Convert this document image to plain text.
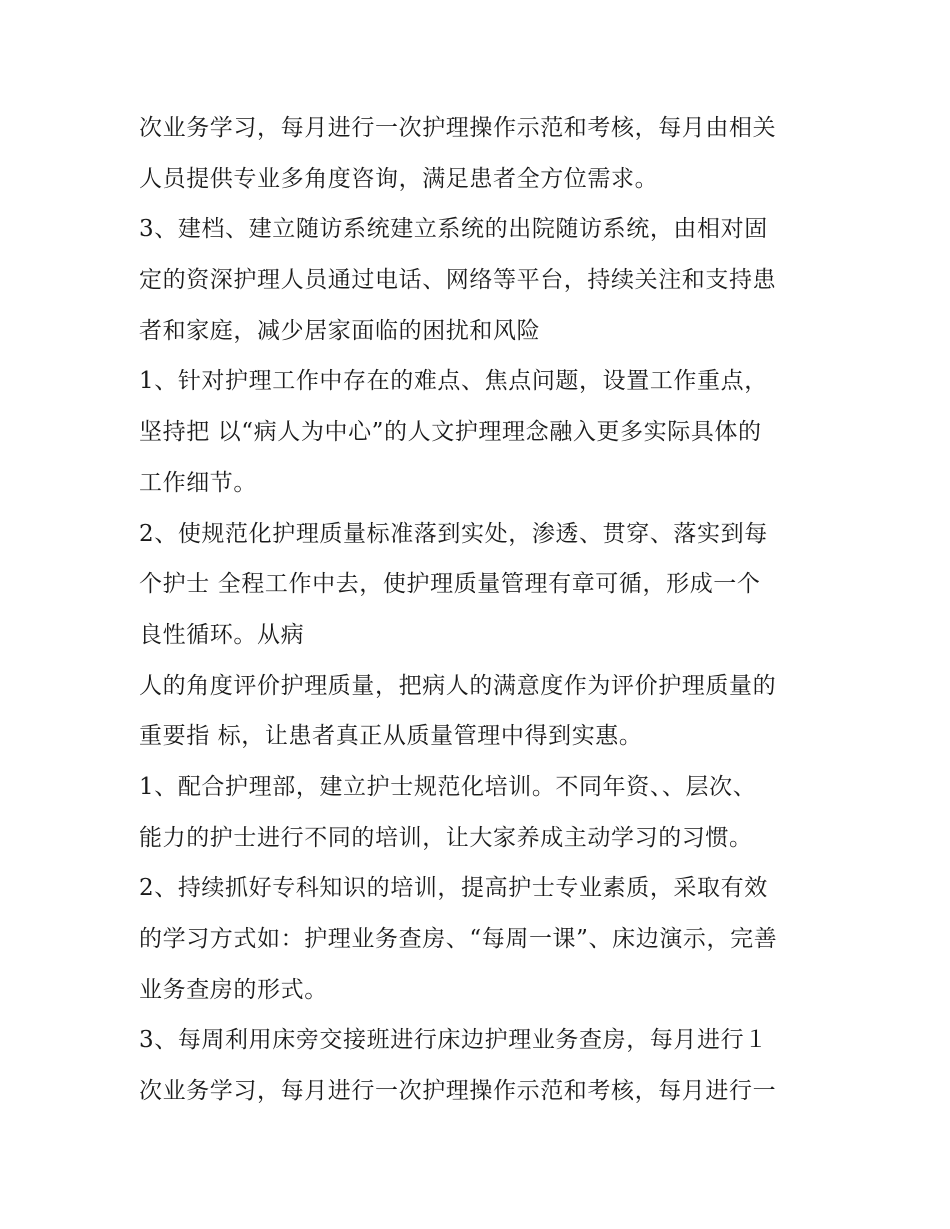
次业务学习，每月进行一次护理操作示范和考核，每月由相关
人员提供专业多角度咨询，满足患者全方位需求。
3、建档、建立随访系统建立系统的出院随访系统，由相对固
定的资深护理人员通过电话、网络等平台，持续关注和支持患
者和家庭，减少居家面临的困扰和风险
1、针对护理工作中存在的难点、焦点问题，设置工作重点，
坚持把 以“病人为中心”的人文护理理念融入更多实际具体的
工作细节。
2、使规范化护理质量标准落到实处，渗透、贯穿、落实到每
个护士 全程工作中去，使护理质量管理有章可循，形成一个
良性循环。从病
人的角度评价护理质量，把病人的满意度作为评价护理质量的
重要指 标，让患者真正从质量管理中得到实惠。
1、配合护理部，建立护士规范化培训。不同年资、、层次、
能力的护士进行不同的培训，让大家养成主动学习的习惯。
2、持续抓好专科知识的培训，提高护士专业素质，采取有效
的学习方式如：护理业务查房、“每周一课”、床边演示，完善
业务查房的形式。
3、每周利用床旁交接班进行床边护理业务查房，每月进行１
次业务学习，每月进行一次护理操作示范和考核，每月进行一
